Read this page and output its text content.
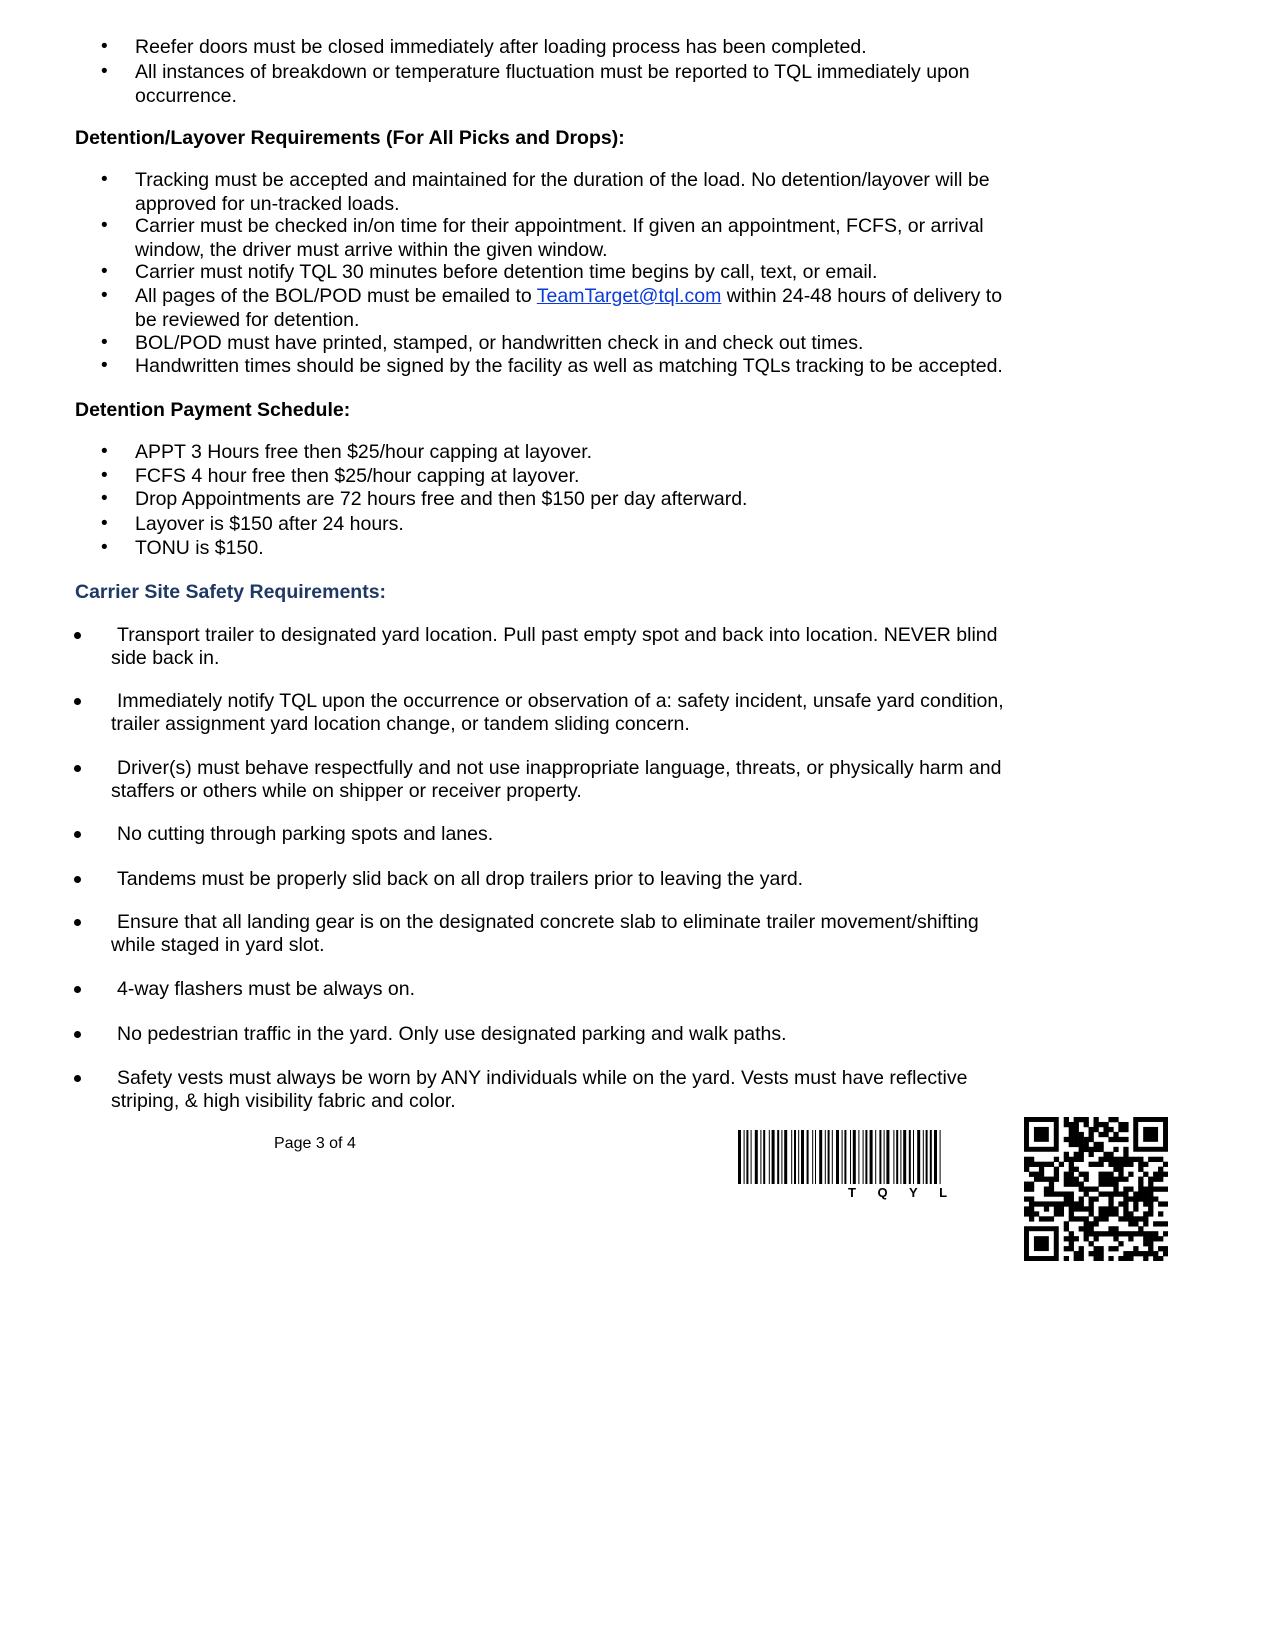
• Reefer doors must be closed immediately after loading process has been completed.
• All instances of breakdown or temperature fluctuation must be reported to TQL immediately upon
occurrence.
Detention/Layover Requirements (For All Picks and Drops):
• Tracking must be accepted and maintained for the duration of the load. No detention/layover will be
approved for un-tracked loads.
• Carrier must be checked in/on time for their appointment. If given an appointment, FCFS, or arrival
window, the driver must arrive within the given window.
• Carrier must notify TQL 30 minutes before detention time begins by call, text, or email.
• All pages of the BOL/POD must be emailed to TeamTarget@tql.com within 24-48 hours of delivery to
be reviewed for detention.
• BOL/POD must have printed, stamped, or handwritten check in and check out times.
• Handwritten times should be signed by the facility as well as matching TQLs tracking to be accepted.
Detention Payment Schedule:
• APPT 3 Hours free then $25/hour capping at layover.
• FCFS 4 hour free then $25/hour capping at layover.
• Drop Appointments are 72 hours free and then $150 per day afterward.
• Layover is $150 after 24 hours.
• TONU is $150.
Carrier Site Safety Requirements:
Transport trailer to designated yard location. Pull past empty spot and back into location. NEVER blind
side back in.
Immediately notify TQL upon the occurrence or observation of a: safety incident, unsafe yard condition,
trailer assignment yard location change, or tandem sliding concern.
Driver(s) must behave respectfully and not use inappropriate language, threats, or physically harm and
staffers or others while on shipper or receiver property.
No cutting through parking spots and lanes.
Tandems must be properly slid back on all drop trailers prior to leaving the yard.
Ensure that all landing gear is on the designated concrete slab to eliminate trailer movement/shifting
while staged in yard slot.
4-way flashers must be always on.
No pedestrian traffic in the yard. Only use designated parking and walk paths.
Safety vests must always be worn by ANY individuals while on the yard. Vests must have reflective
striping, & high visibility fabric and color.
Page 3 of 4
T Q Y L
